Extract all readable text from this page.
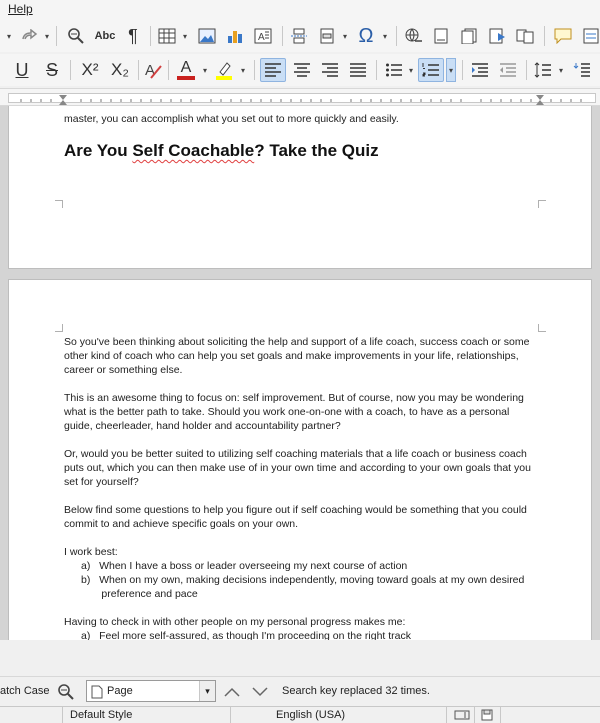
Help
▾	▾	Abc ¶	▾	A	▾ Ω	▾
U S X² X₂ A A	▾	▾	▾	▾	▾
master, you can accomplish what you set out to more quickly and easily.
Are You Self Coachable? Take the Quiz
So you've been thinking about soliciting the help and support of a life coach, success coach or some
other kind of coach who can help you set goals and make improvements in your life, relationships,
career or something else.
This is an awesome thing to focus on: self improvement. But of course, now you may be wondering
what is the better path to take. Should you work one-on-one with a coach, to have as a personal
guide, cheerleader, hand holder and accountability partner?
Or, would you be better suited to utilizing self coaching materials that a life coach or business coach
puts out, which you can then make use of in your own time and according to your own goals that you
set for yourself?
Below find some questions to help you figure out if self coaching would be something that you could
commit to and achieve specific goals on your own.
I work best:
a)   When I have a boss or leader overseeing my next course of action
b)   When on my own, making decisions independently, moving toward goals at my own desired
preference and pace
Having to check in with other people on my personal progress makes me:
a)   Feel more self-assured, as though I'm proceeding on the right track
atch Case	Page	▾	Search key replaced 32 times.
Default Style	English (USA)
